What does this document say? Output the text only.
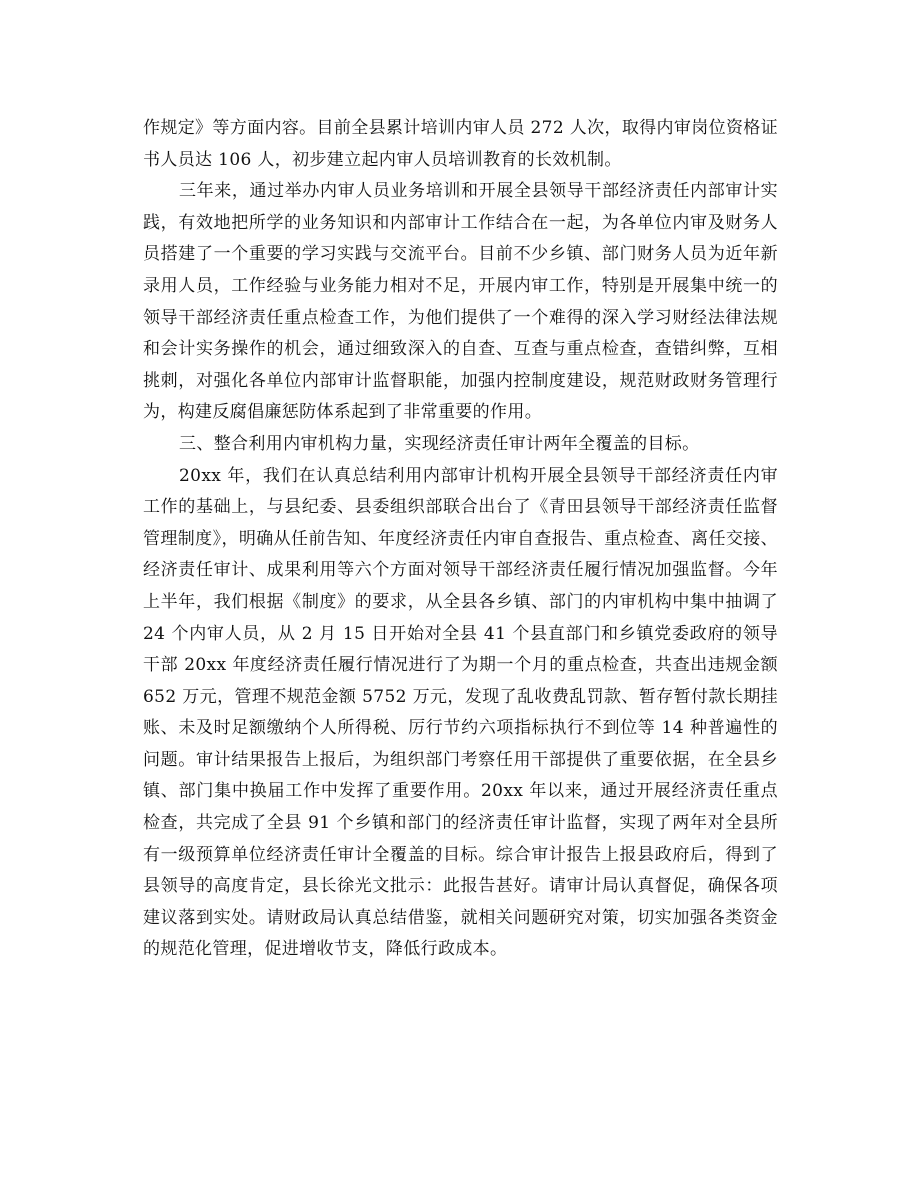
作规定》等方面内容。目前全县累计培训内审人员 272 人次，取得内审岗位资格证书人员达 106 人，初步建立起内审人员培训教育的长效机制。

三年来，通过举办内审人员业务培训和开展全县领导干部经济责任内部审计实践，有效地把所学的业务知识和内部审计工作结合在一起，为各单位内审及财务人员搭建了一个重要的学习实践与交流平台。目前不少乡镇、部门财务人员为近年新录用人员，工作经验与业务能力相对不足，开展内审工作，特别是开展集中统一的领导干部经济责任重点检查工作，为他们提供了一个难得的深入学习财经法律法规和会计实务操作的机会，通过细致深入的自查、互查与重点检查，查错纠弊，互相挑刺，对强化各单位内部审计监督职能，加强内控制度建设，规范财政财务管理行为，构建反腐倡廉惩防体系起到了非常重要的作用。

三、整合利用内审机构力量，实现经济责任审计两年全覆盖的目标。

20xx 年，我们在认真总结利用内部审计机构开展全县领导干部经济责任内审工作的基础上，与县纪委、县委组织部联合出台了《青田县领导干部经济责任监督管理制度》，明确从任前告知、年度经济责任内审自查报告、重点检查、离任交接、经济责任审计、成果利用等六个方面对领导干部经济责任履行情况加强监督。今年上半年，我们根据《制度》的要求，从全县各乡镇、部门的内审机构中集中抽调了 24 个内审人员，从 2 月 15 日开始对全县 41 个县直部门和乡镇党委政府的领导干部 20xx 年度经济责任履行情况进行了为期一个月的重点检查，共查出违规金额 652 万元，管理不规范金额 5752 万元，发现了乱收费乱罚款、暂存暂付款长期挂账、未及时足额缴纳个人所得税、厉行节约六项指标执行不到位等 14 种普遍性的问题。审计结果报告上报后，为组织部门考察任用干部提供了重要依据，在全县乡镇、部门集中换届工作中发挥了重要作用。20xx 年以来，通过开展经济责任重点检查，共完成了全县 91 个乡镇和部门的经济责任审计监督，实现了两年对全县所有一级预算单位经济责任审计全覆盖的目标。综合审计报告上报县政府后，得到了县领导的高度肯定，县长徐光文批示：此报告甚好。请审计局认真督促，确保各项建议落到实处。请财政局认真总结借鉴，就相关问题研究对策，切实加强各类资金的规范化管理，促进增收节支，降低行政成本。
